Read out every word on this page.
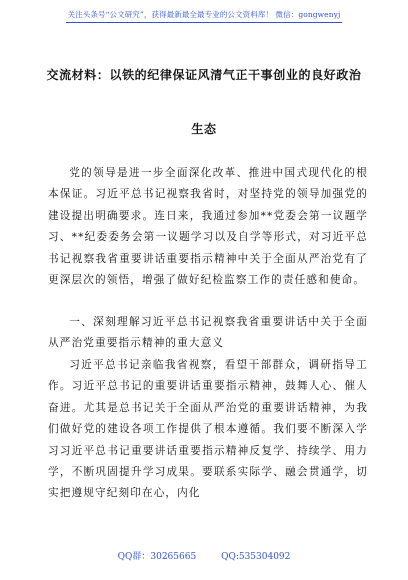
关注头条号“公文研究”，获得最新最全最专业的公文资料库！ 微信：gongwenyj
交流材料：以铁的纪律保证风清气正干事创业的良好政治
生态

党的领导是进一步全面深化改革、推进中国式现代化的根本保证。习近平总书记视察我省时，对坚持党的领导加强党的建设提出明确要求。连日来，我通过参加**党委会第一议题学习、**纪委委务会第一议题学习以及自学等形式，对习近平总书记视察我省重要讲话重要指示精神中关于全面从严治党有了更深层次的领悟，增强了做好纪检监察工作的责任感和使命。

一、深刻理解习近平总书记视察我省重要讲话中关于全面从严治党重要指示精神的重大意义

习近平总书记亲临我省视察，看望干部群众，调研指导工作。习近平总书记的重要讲话重要指示精神，鼓舞人心、催人奋进。尤其是总书记关于全面从严治党的重要讲话精神，为我们做好党的建设各项工作提供了根本遵循。我们要不断深入学习习近平总书记重要讲话重要指示精神反复学、持续学、用力学，不断巩固提升学习成果。要联系实际学、融会贯通学，切实把遵规守纪刻印在心，内化

QQ群：30265665	QQ:535304092
